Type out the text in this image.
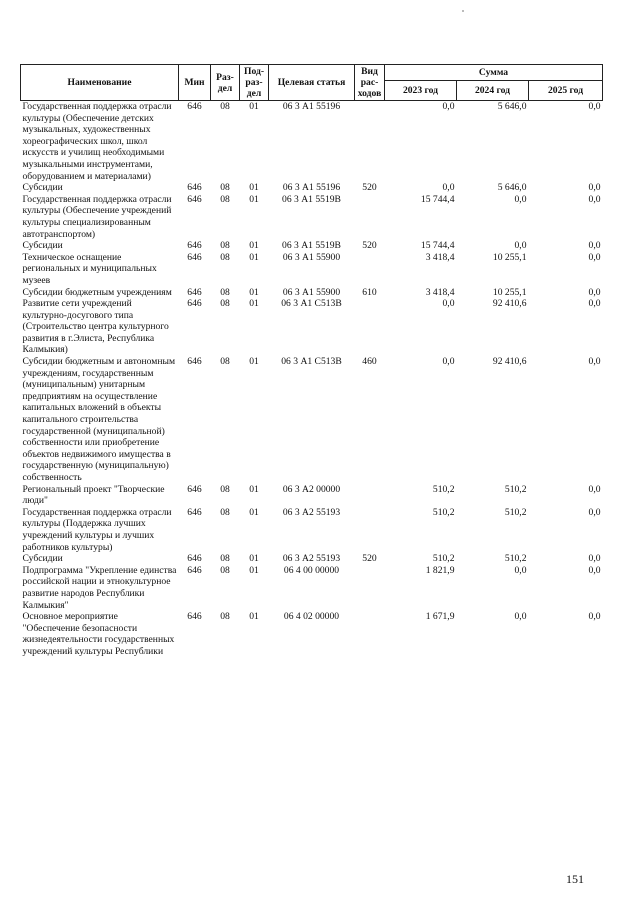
Наименование	Мин	Раз- дел	Под- раз- дел	Целевая статья	Вид рас- ходов	Сумма		
						2023 год	2024 год	2025 год
Государственная поддержка отрасли культуры (Обеспечение детских музыкальных, художественных хореографических школ, школ искусств и училищ необходимыми музыкальными инструментами, оборудованием и материалами)	646	08	01	06 3 А1 55196		0,0	5 646,0	0,0
Субсидии	646	08	01	06 3 А1 55196	520	0,0	5 646,0	0,0
Государственная поддержка отрасли культуры (Обеспечение учреждений культуры специализированным автотранспортом)	646	08	01	06 3 А1 5519В		15 744,4	0,0	0,0
Субсидии	646	08	01	06 3 А1 5519В	520	15 744,4	0,0	0,0
Техническое оснащение региональных и муниципальных музеев	646	08	01	06 3 А1 55900		3 418,4	10 255,1	0,0
Субсидии бюджетным учреждениям	646	08	01	06 3 А1 55900	610	3 418,4	10 255,1	0,0
Развитие сети учреждений культурно-досугового типа (Строительство центра культурного развития в г.Элиста, Республика Калмыкия)	646	08	01	06 3 А1 С513В		0,0	92 410,6	0,0
Субсидии бюджетным и автономным учреждениям, государственным (муниципальным) унитарным предприятиям на осуществление капитальных вложений в объекты капитального строительства государственной (муниципальной) собственности или приобретение объектов недвижимого имущества в государственную (муниципальную) собственность	646	08	01	06 3 А1 С513В	460	0,0	92 410,6	0,0
Региональный проект "Творческие люди"	646	08	01	06 3 А2 00000		510,2	510,2	0,0
Государственная поддержка отрасли культуры (Поддержка лучших учреждений культуры и лучших работников культуры)	646	08	01	06 3 А2 55193		510,2	510,2	0,0
Субсидии	646	08	01	06 3 А2 55193	520	510,2	510,2	0,0
Подпрограмма "Укрепление единства российской нации и этнокультурное развитие народов Республики Калмыкия"	646	08	01	06 4 00 00000		1 821,9	0,0	0,0
Основное мероприятие "Обеспечение безопасности жизнедеятельности государственных учреждений культуры Республики	646	08	01	06 4 02 00000		1 671,9	0,0	0,0
151
